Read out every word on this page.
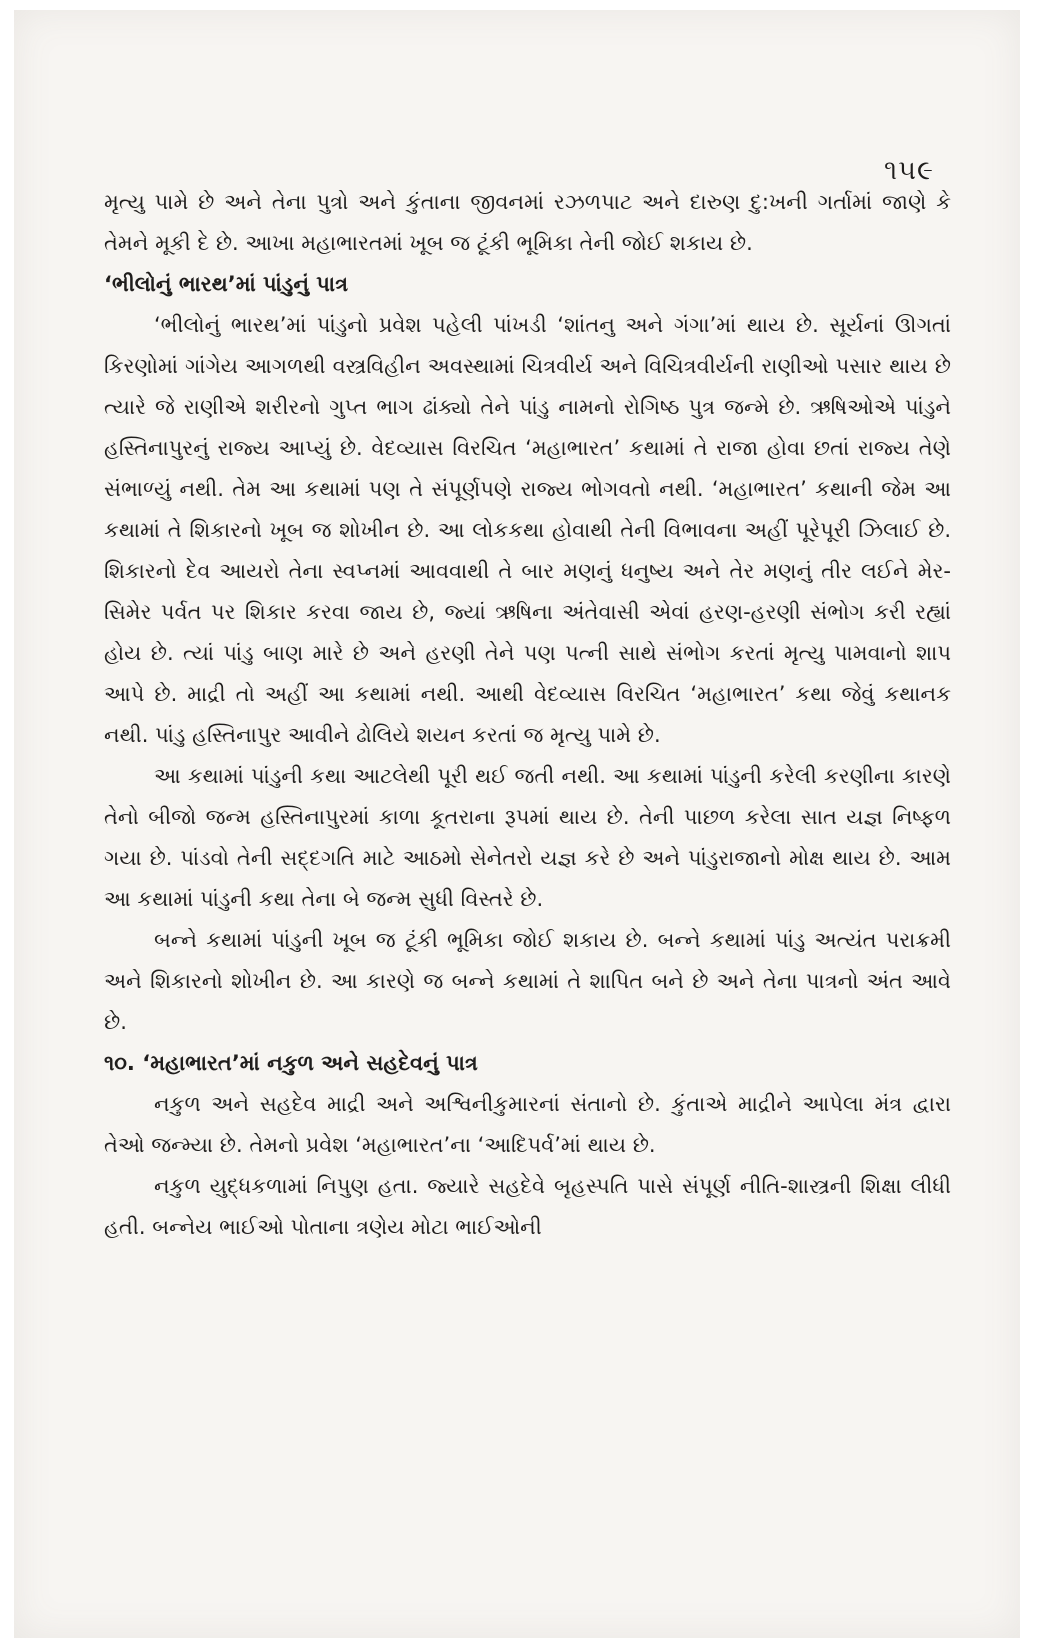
૧૫૯

મૃત્યુ પામે છે અને તેના પુત્રો અને કુંતાના જીવનમાં રઝળપાટ અને દારુણ દુ:ખની ગર્તામાં જાણે કે તેમને મૂકી દે છે. આખા મહાભારતમાં ખૂબ જ ટૂંકી ભૂમિકા તેની જોઈ શકાય છે.

‘ભીલોનું ભારથ’માં પાંડુનું પાત્ર

‘ભીલોનું ભારથ’માં પાંડુનો પ્રવેશ પહેલી પાંખડી ‘શાંતનુ અને ગંગા’માં થાય છે. સૂર્યનાં ઊગતાં કિરણોમાં ગાંગેય આગળથી વસ્ત્રવિહીન અવસ્થામાં ચિત્રવીર્ય અને વિચિત્રવીર્યની રાણીઓ પસાર થાય છે ત્યારે જે રાણીએ શરીરનો ગુપ્ત ભાગ ઢાંક્યો તેને પાંડુ નામનો રોગિષ્ઠ પુત્ર જન્મે છે. ઋષિઓએ પાંડુને હસ્તિનાપુરનું રાજ્ય આપ્યું છે. વેદવ્યાસ વિરચિત ‘મહાભારત’ કથામાં તે રાજા હોવા છતાં રાજ્ય તેણે સંભાળ્યું નથી. તેમ આ કથામાં પણ તે સંપૂર્ણપણે રાજ્ય ભોગવતો નથી. ‘મહાભારત’ કથાની જેમ આ કથામાં તે શિકારનો ખૂબ જ શોખીન છે. આ લોકકથા હોવાથી તેની વિભાવના અહીં પૂરેપૂરી ઝિલાઈ છે. શિકારનો દેવ આયરો તેના સ્વપ્નમાં આવવાથી તે બાર મણનું ધનુષ્ય અને તેર મણનું તીર લઈને મેર-સિમેર પર્વત પર શિકાર કરવા જાય છે, જ્યાં ઋષિના અંતેવાસી એવાં હરણ-હરણી સંભોગ કરી રહ્યાં હોય છે. ત્યાં પાંડુ બાણ મારે છે અને હરણી તેને પણ પત્ની સાથે સંભોગ કરતાં મૃત્યુ પામવાનો શાપ આપે છે. માદ્રી તો અહીં આ કથામાં નથી. આથી વેદવ્યાસ વિરચિત ‘મહાભારત’ કથા જેવું કથાનક નથી. પાંડુ હસ્તિનાપુર આવીને ઢોલિયે શયન કરતાં જ મૃત્યુ પામે છે.

આ કથામાં પાંડુની કથા આટલેથી પૂરી થઈ જતી નથી. આ કથામાં પાંડુની કરેલી કરણીના કારણે તેનો બીજો જન્મ હસ્તિનાપુરમાં કાળા કૂતરાના રૂપમાં થાય છે. તેની પાછળ કરેલા સાત યજ્ઞ નિષ્ફળ ગયા છે. પાંડવો તેની સદ્દગતિ માટે આઠમો સેનેતરો યજ્ઞ કરે છે અને પાંડુરાજાનો મોક્ષ થાય છે. આમ આ કથામાં પાંડુની કથા તેના બે જન્મ સુધી વિસ્તરે છે.

બન્ને કથામાં પાંડુની ખૂબ જ ટૂંકી ભૂમિકા જોઈ શકાય છે. બન્ને કથામાં પાંડુ અત્યંત પરાક્રમી અને શિકારનો શોખીન છે. આ કારણે જ બન્ને કથામાં તે શાપિત બને છે અને તેના પાત્રનો અંત આવે છે.

૧૦. ‘મહાભારત’માં નકુળ અને સહદેવનું પાત્ર

નકુળ અને સહદેવ માદ્રી અને અશ્વિનીકુમારનાં સંતાનો છે. કુંતાએ માદ્રીને આપેલા મંત્ર દ્વારા તેઓ જન્મ્યા છે. તેમનો પ્રવેશ ‘મહાભારત’ના ‘આદિપર્વ’માં થાય છે.

નકુળ યુદ્ધકળામાં નિપુણ હતા. જ્યારે સહદેવે બૃહસ્પતિ પાસે સંપૂર્ણ નીતિ-શાસ્ત્રની શિક્ષા લીધી હતી. બન્નેય ભાઈઓ પોતાના ત્રણેય મોટા ભાઈઓની
